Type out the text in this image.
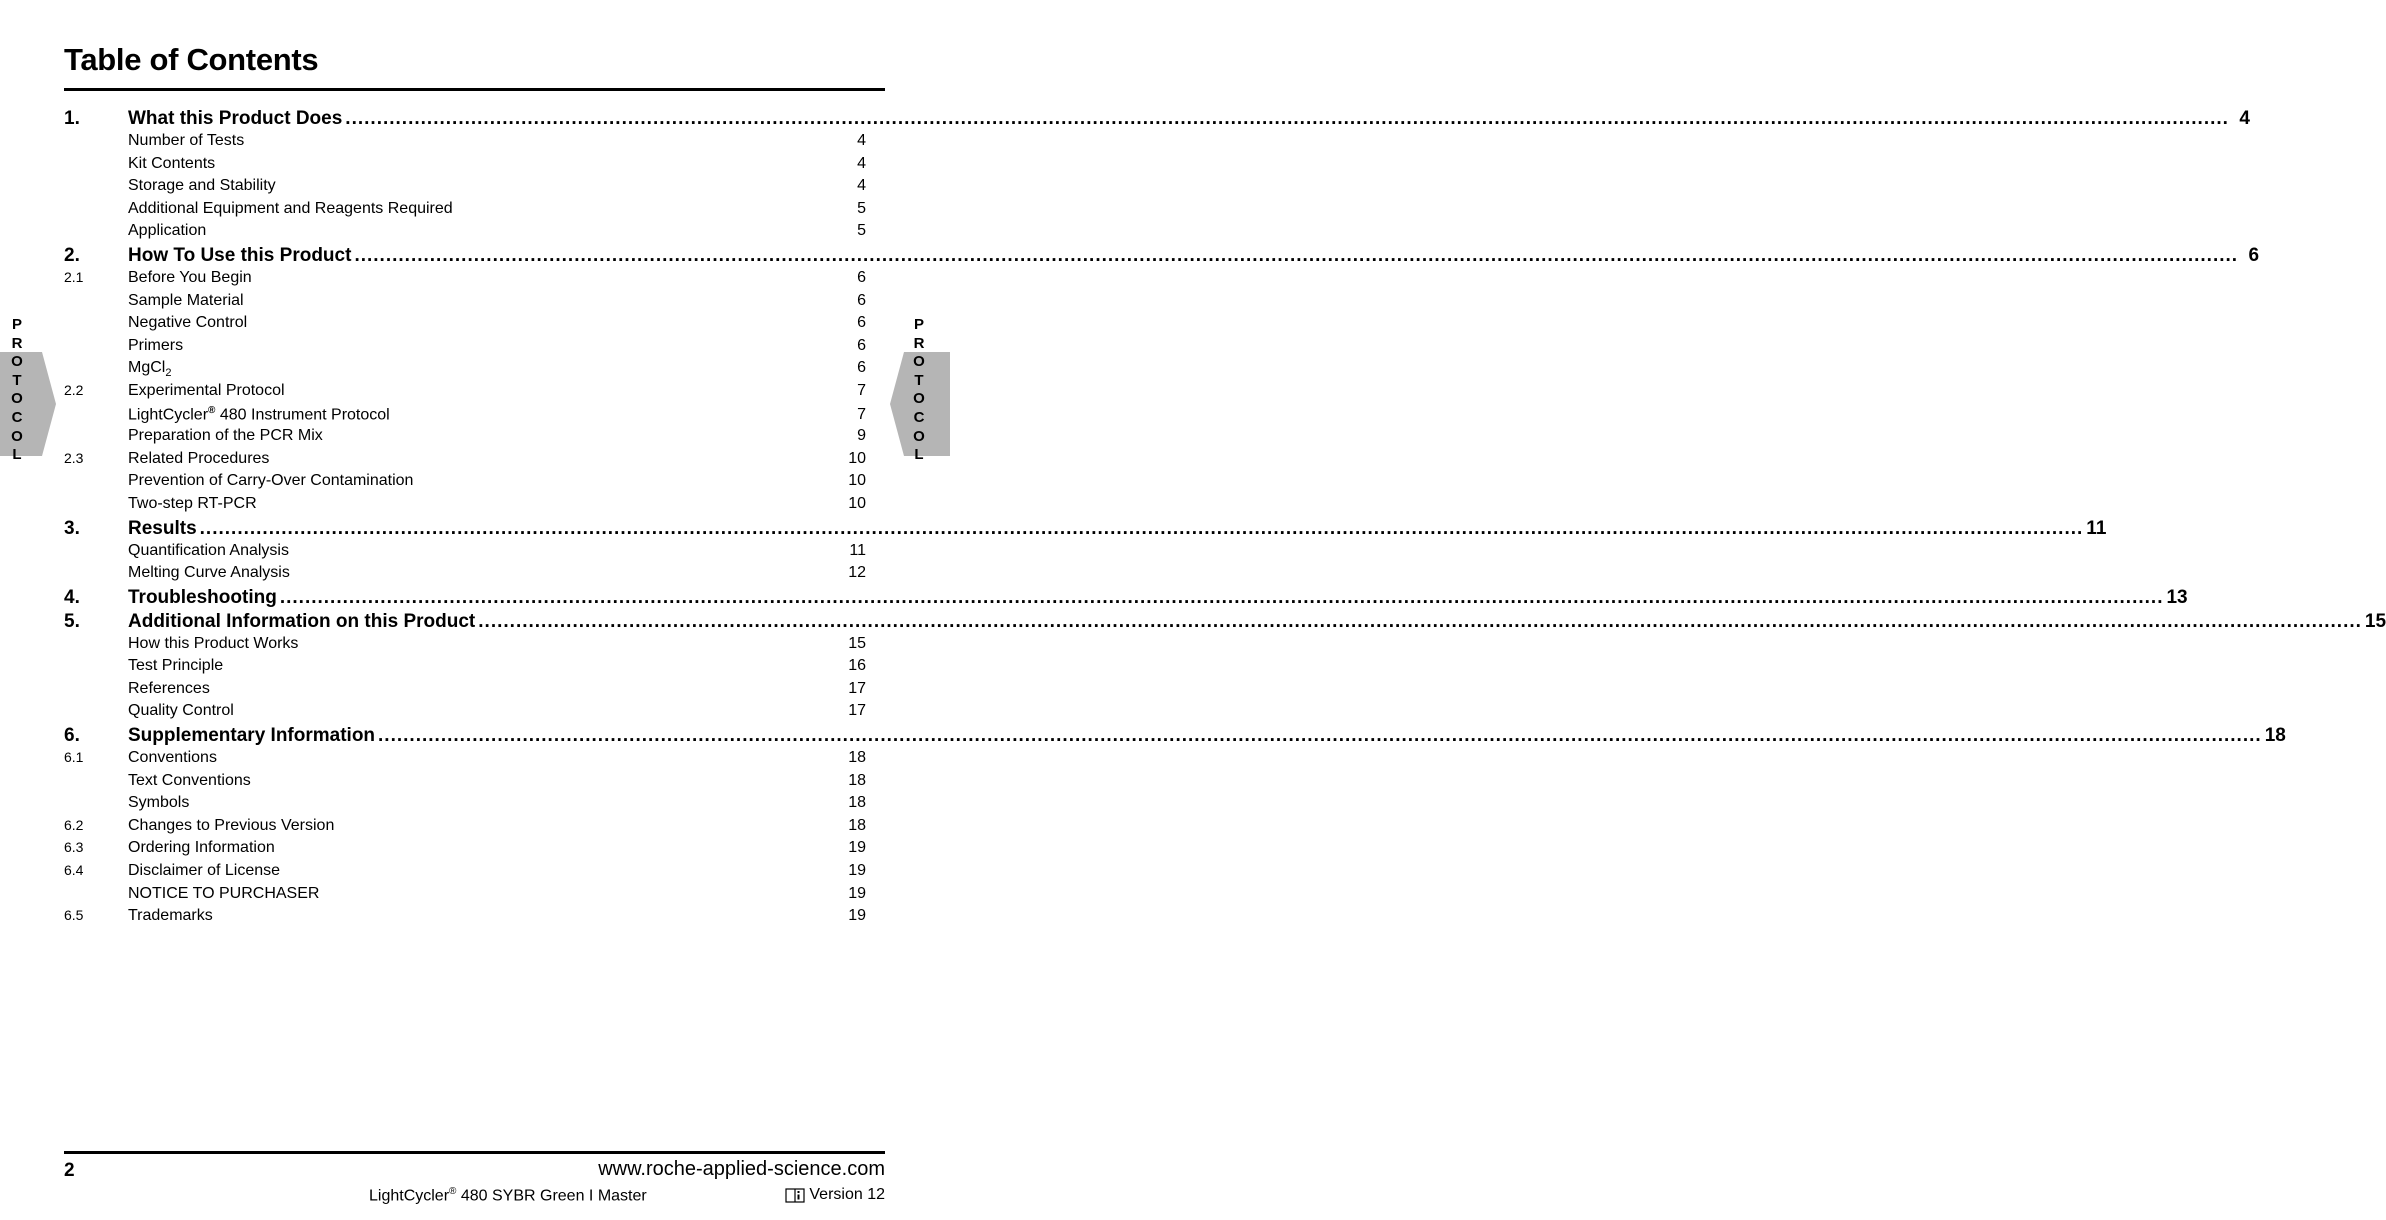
Table of Contents
P
R
O
T
O
C
O
L
P
R
O
T
O
C
O
L
1.	What this Product Does ............................................................................................................................................................................................................................................................................................................ 4
Number of Tests	4
Kit Contents	4
Storage and Stability	4
Additional Equipment and Reagents Required	5
Application	5
2.	How To Use this Product ............................................................................................................................................................................................................................................................................................................ 6
2.1	Before You Begin	6
Sample Material	6
Negative Control	6
Primers	6
MgCl$_2$	6
2.2	Experimental Protocol	7
LightCycler® 480 Instrument Protocol	7
Preparation of the PCR Mix	9
2.3	Related Procedures	10
Prevention of Carry-Over Contamination	10
Two-step RT-PCR	10
3.	Results ............................................................................................................................................................................................................................................................................................................ 11
Quantification Analysis	11
Melting Curve Analysis	12
4.	Troubleshooting ............................................................................................................................................................................................................................................................................................................ 13
5.	Additional Information on this Product ............................................................................................................................................................................................................................................................................................................ 15
How this Product Works	15
Test Principle	16
References	17
Quality Control	17
6.	Supplementary Information ............................................................................................................................................................................................................................................................................................................ 18
6.1	Conventions	18
Text Conventions	18
Symbols	18
6.2	Changes to Previous Version	18
6.3	Ordering Information	19
6.4	Disclaimer of License	19
NOTICE TO PURCHASER	19
6.5	Trademarks	19
2	www.roche-applied-science.com
LightCycler® 480 SYBR Green I Master	Version 12
